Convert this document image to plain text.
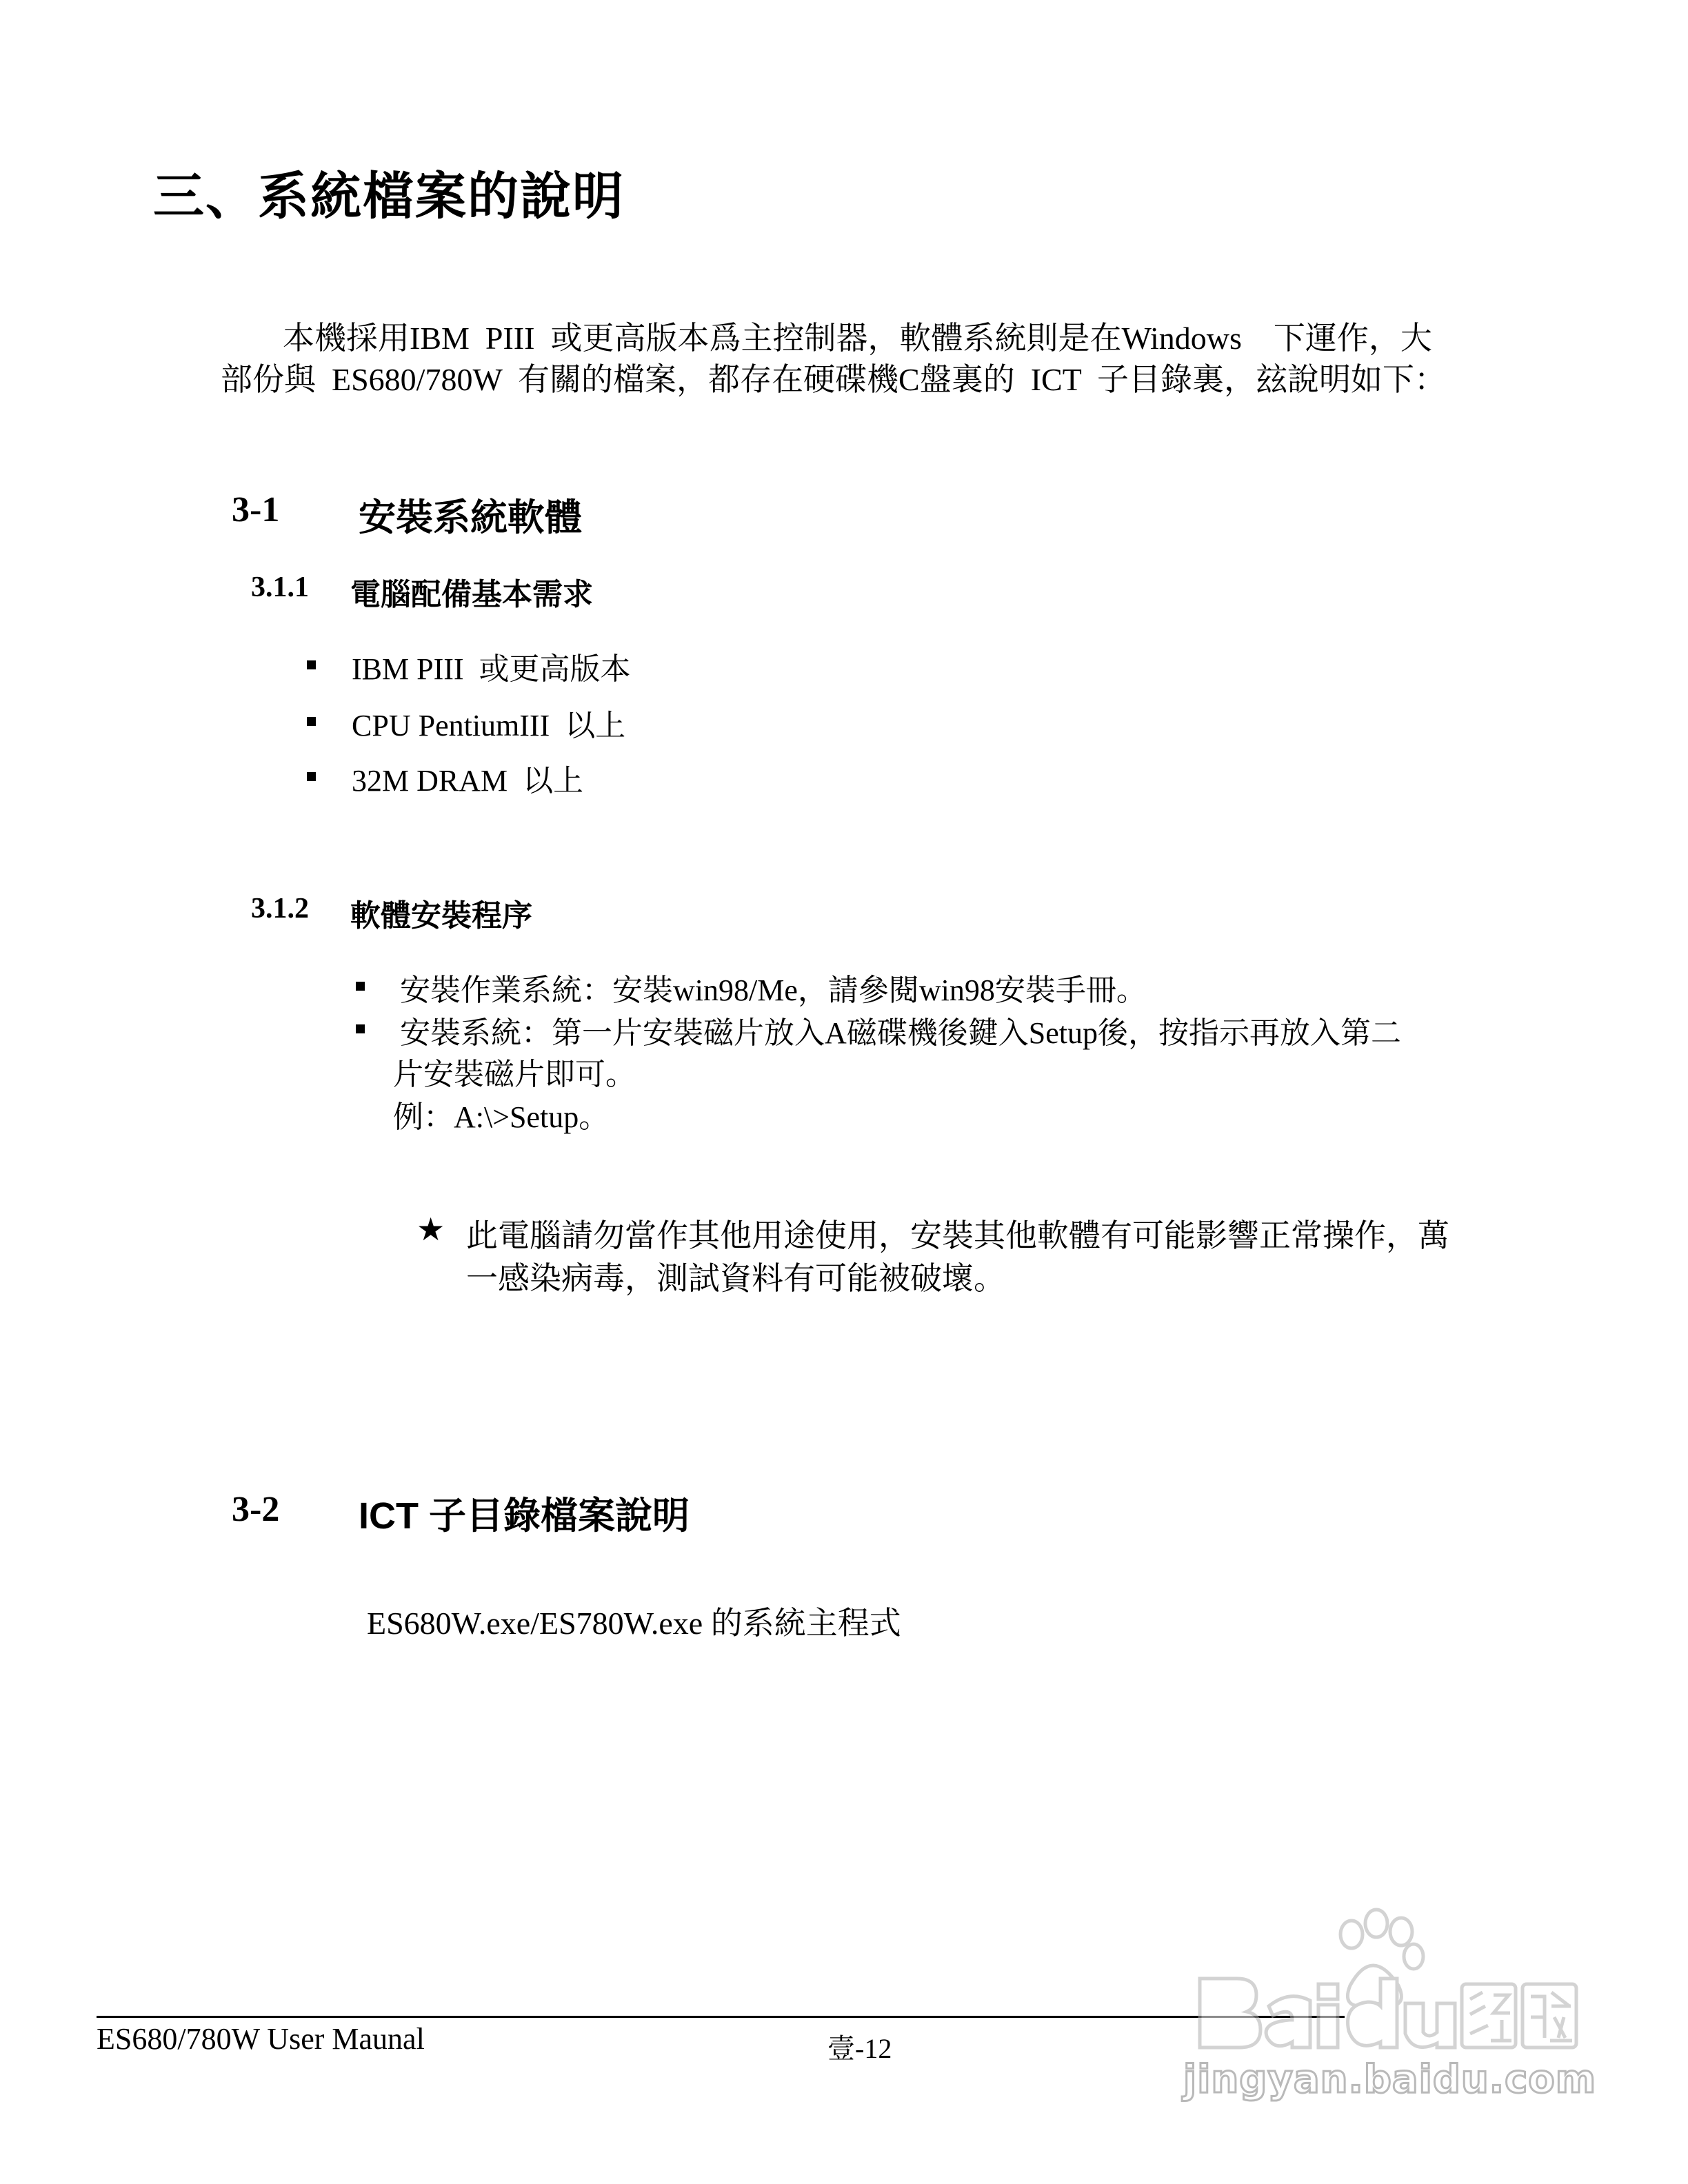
三、系統檔案的說明
本機採用IBM  PIII  或更高版本爲主控制器，軟體系統則是在Windows    下運作，大
部份與  ES680/780W  有關的檔案，都存在硬碟機C盤裏的  ICT  子目錄裏，玆說明如下：
3-1 安裝系統軟體
3.1.1 電腦配備基本需求
IBM PIII  或更高版本
CPU PentiumIII  以上
32M DRAM  以上
3.1.2 軟體安裝程序
安裝作業系統：安裝win98/Me，請參閱win98安裝手冊。
安裝系統：第一片安裝磁片放入A磁碟機後鍵入Setup後，按指示再放入第二
片安裝磁片即可。
例：A:\>Setup。
★ 此電腦請勿當作其他用途使用，安裝其他軟體有可能影響正常操作，萬
一感染病毒，測試資料有可能被破壞。
3-2 ICT 子目錄檔案說明
ES680W.exe/ES780W.exe 的系統主程式
ES680/780W User Maunal	壹-12
jingyan.baidu.com
